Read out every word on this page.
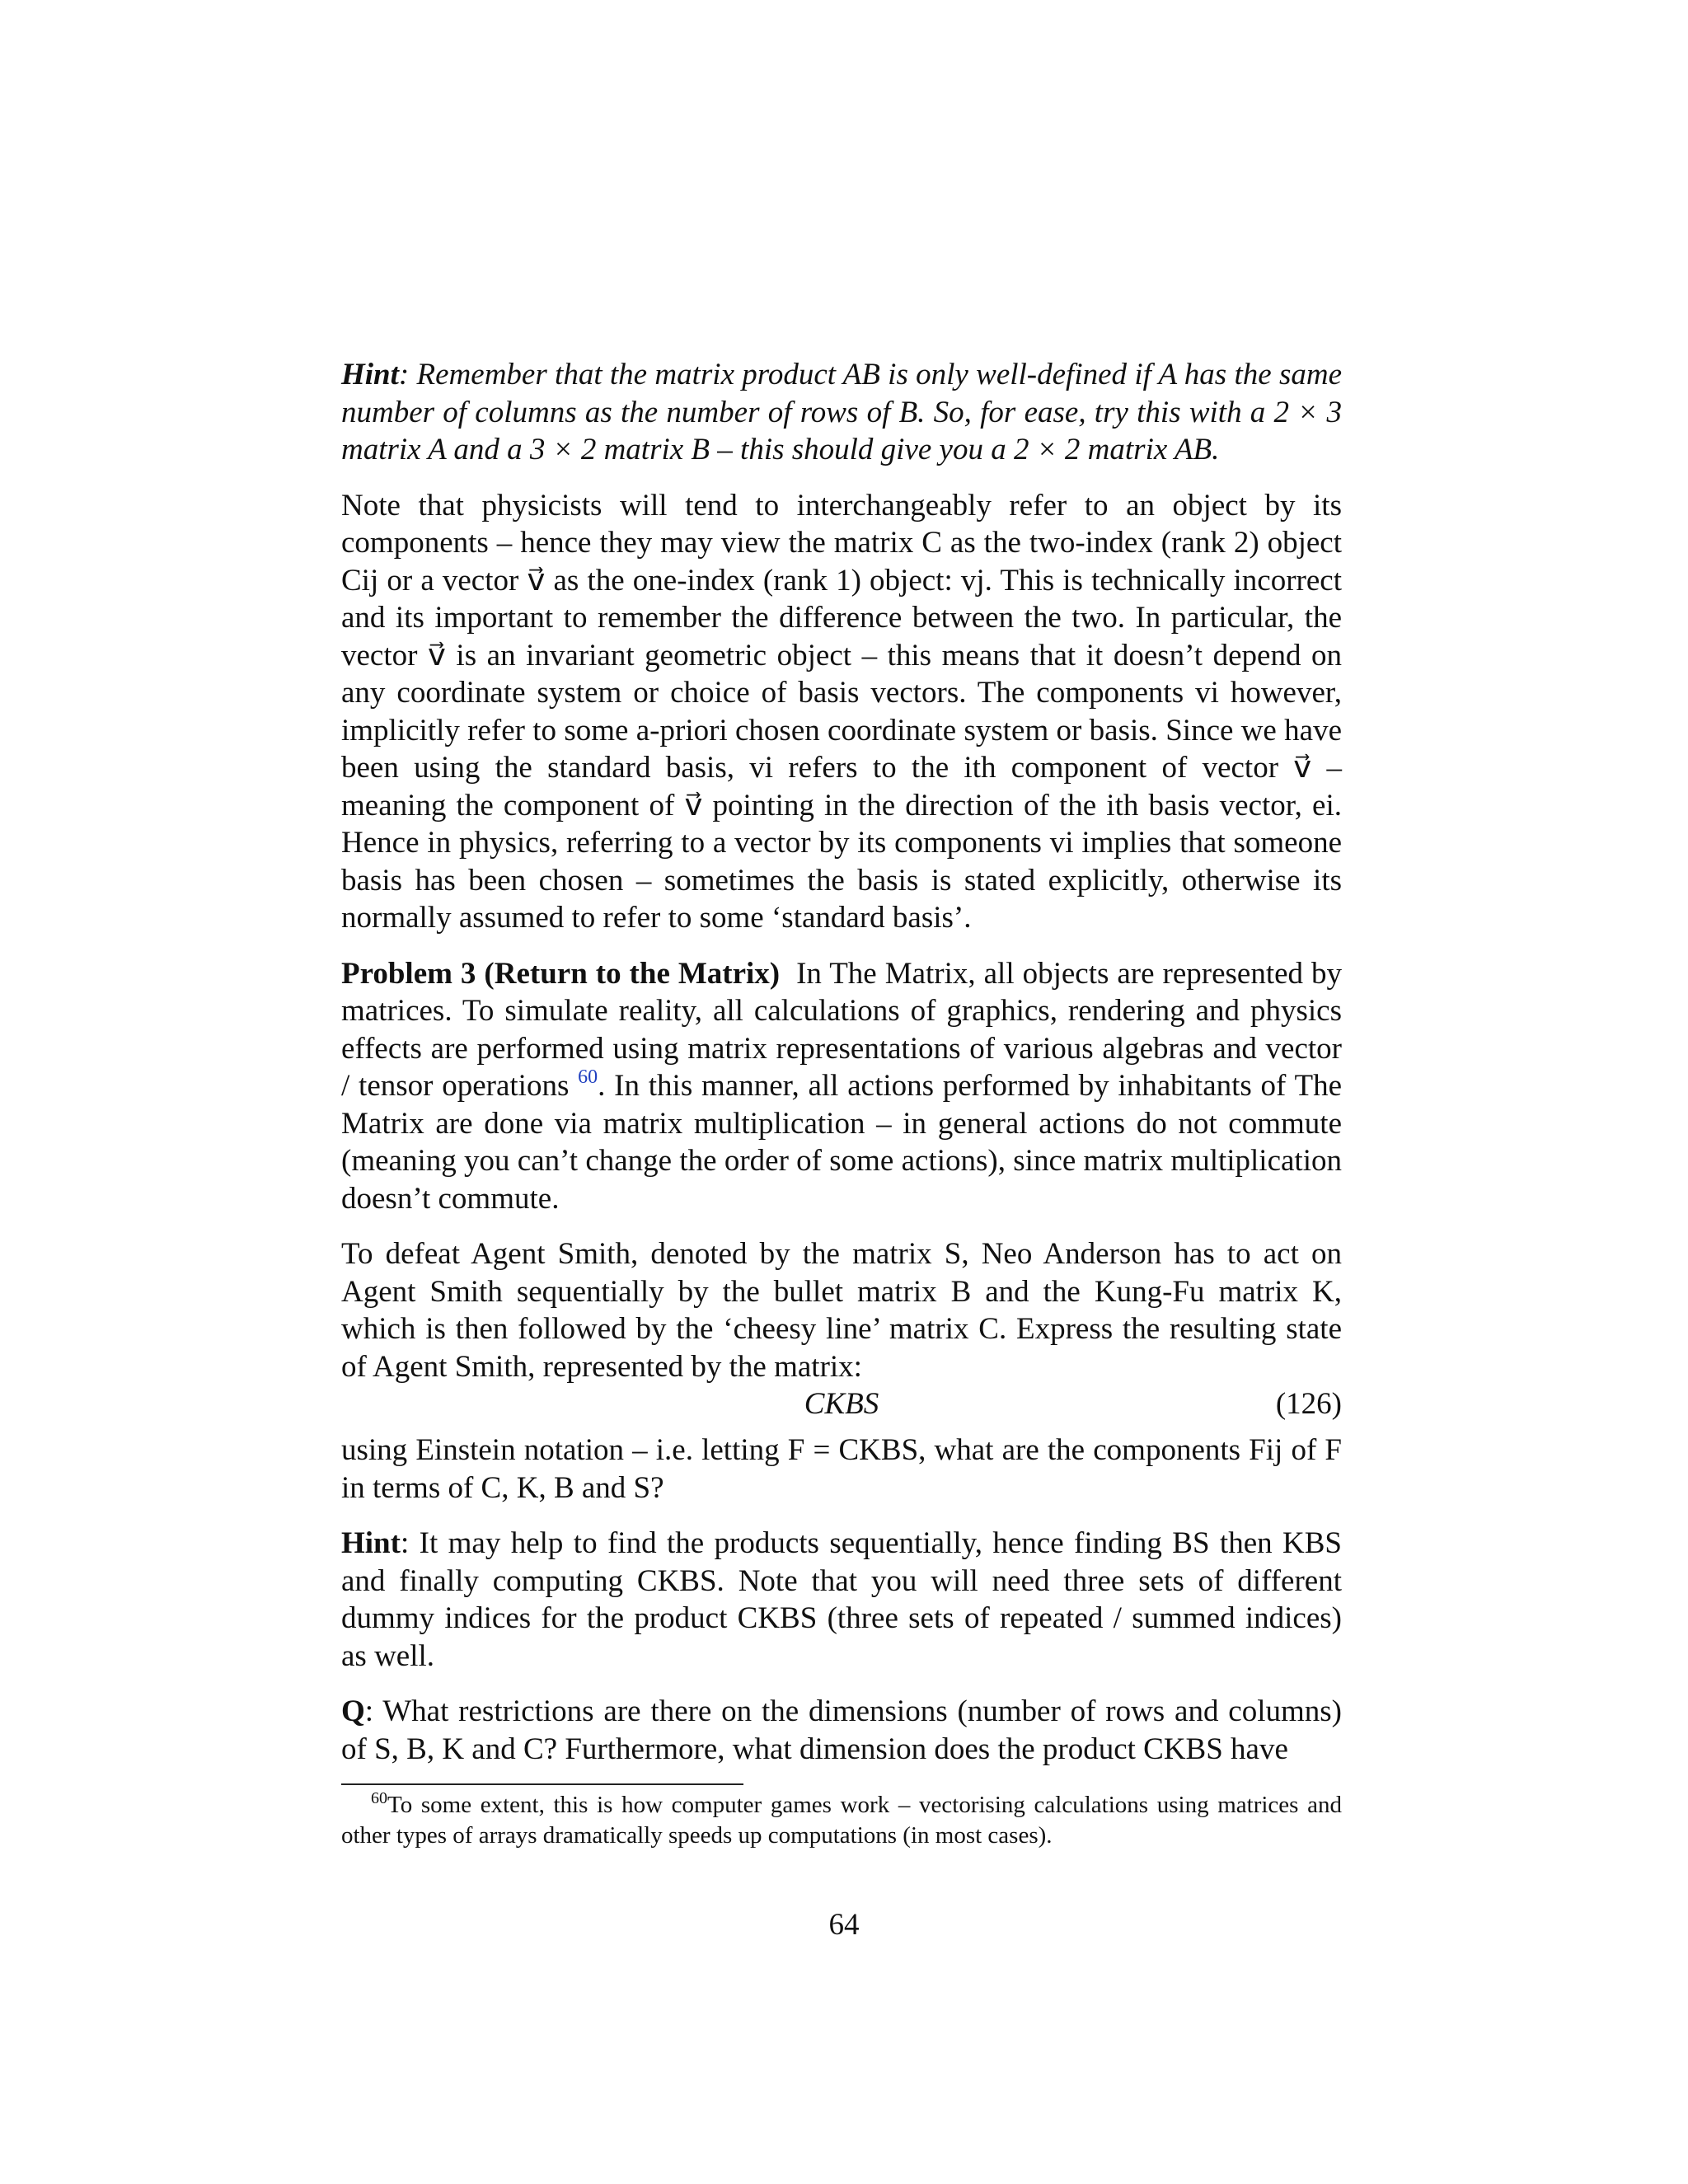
Hint: Remember that the matrix product AB is only well-defined if A has the same number of columns as the number of rows of B. So, for ease, try this with a 2 × 3 matrix A and a 3 × 2 matrix B – this should give you a 2 × 2 matrix AB.

Note that physicists will tend to interchangeably refer to an object by its components – hence they may view the matrix C as the two-index (rank 2) object Cij or a vector v⃗ as the one-index (rank 1) object: vj. This is technically incorrect and its important to remember the difference between the two. In particular, the vector v⃗ is an invariant geometric object – this means that it doesn’t depend on any coordinate system or choice of basis vectors. The components vi however, implicitly refer to some a-priori chosen coordinate system or basis. Since we have been using the standard basis, vi refers to the ith component of vector v⃗ – meaning the component of v⃗ pointing in the direction of the ith basis vector, ei. Hence in physics, referring to a vector by its components vi implies that someone basis has been chosen – sometimes the basis is stated explicitly, otherwise its normally assumed to refer to some ‘standard basis’.

Problem 3 (Return to the Matrix) In The Matrix, all objects are represented by matrices. To simulate reality, all calculations of graphics, rendering and physics effects are performed using matrix representations of various algebras and vector / tensor operations $^{60}$. In this manner, all actions performed by inhabitants of The Matrix are done via matrix multiplication – in general actions do not commute (meaning you can’t change the order of some actions), since matrix multiplication doesn’t commute.

To defeat Agent Smith, denoted by the matrix S, Neo Anderson has to act on Agent Smith sequentially by the bullet matrix B and the Kung-Fu matrix K, which is then followed by the ‘cheesy line’ matrix C. Express the resulting state of Agent Smith, represented by the matrix:

CKBS	(126)

using Einstein notation – i.e. letting F = CKBS, what are the components Fij of F in terms of C, K, B and S?

Hint: It may help to find the products sequentially, hence finding BS then KBS and finally computing CKBS. Note that you will need three sets of different dummy indices for the product CKBS (three sets of repeated / summed indices) as well.

Q: What restrictions are there on the dimensions (number of rows and columns) of S, B, K and C? Furthermore, what dimension does the product CKBS have

$^{60}$To some extent, this is how computer games work – vectorising calculations using matrices and other types of arrays dramatically speeds up computations (in most cases).
64
